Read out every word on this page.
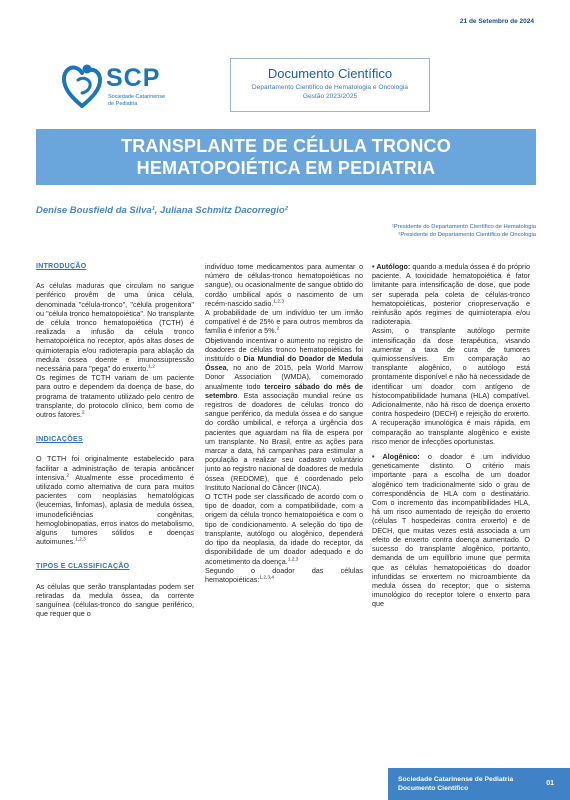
21 de Setembro de 2024
SCP
Sociedade Catarinense
de Pediatria
Documento Científico
Departamento Científico de Hematologia e Oncologia
Gestão 2023/2025
TRANSPLANTE DE CÉLULA TRONCO
HEMATOPOIÉTICA EM PEDIATRIA
Denise Bousfield da Silva¹, Juliana Schmitz Dacorregio²
¹Presidente do Departamento Científico de Hematologia
²Presidente do Departamento Científico de Oncologia
INTRODUÇÃO

As células maduras que circulam no sangue periférico provêm de uma única célula, denominada "célula-tronco", "célula progenitora" ou "célula tronco hematopoiética". No transplante de célula tronco hematopoiética (TCTH) é realizada a infusão da célula tronco hematopoiética no receptor, após altas doses de quimioterapia e/ou radioterapia para ablação da medula óssea doente e imunossupressão necessária para "pega" do enxerto.$^{1,2}$

Os regimes de TCTH variam de um paciente para outro e dependem da doença de base, do programa de tratamento utilizado pelo centro de transplante, do protocolo clínico, bem como de outros fatores.$^2$

INDICAÇÕES

O TCTH foi originalmente estabelecido para facilitar a administração de terapia anticâncer intensiva.$^2$ Atualmente esse procedimento é utilizado como alternativa de cura para muitos pacientes com neoplasias hematológicas (leucemias, linfomas), aplasia de medula óssea, imunodeficiências congênitas, hemoglobinopatias, erros inatos do metabolismo, alguns tumores sólidos e doenças autoimunes.$^{1,2,3}$

TIPOS E CLASSIFICAÇÃO

As células que serão transplantadas podem ser retiradas da medula óssea, da corrente sanguínea (células-tronco do sangue periférico, que requer que o

indivíduo tome medicamentos para aumentar o número de células-tronco hematopoiéticas no sangue), ou ocasionalmente de sangue obtido do cordão umbilical após o nascimento de um recém-nascido sadio.$^{1,2,3}$

A probabilidade de um indivíduo ter um irmão compatível é de 25% e para outros membros da família é inferior a 5%.$^2$

Objetivando incentivar o aumento no registro de doadores de células tronco hematopoiéticas foi instituído o Dia Mundial do Doador de Medula Óssea, no ano de 2015, pela World Marrow Donor Association (WMDA), comemorado anualmente todo terceiro sábado do mês de setembro. Esta associação mundial reúne os registros de doadores de células tronco do sangue periférico, da medula óssea e do sangue do cordão umbilical, e reforça a urgência dos pacientes que aguardam na fila de espera por um transplante. No Brasil, entre as ações para marcar a data, há campanhas para estimular a população a realizar seu cadastro voluntário junto ao registro nacional de doadores de medula óssea (REDOME), que é coordenado pelo Instituto Nacional do Câncer (INCA).

O TCTH pode ser classificado de acordo com o tipo de doador, com a compatibilidade, com a origem da célula tronco hematopoiética e com o tipo de condicionamento. A seleção do tipo de transplante, autólogo ou alogênico, dependerá do tipo da neoplasia, da idade do receptor, da disponibilidade de um doador adequado e do acometimento da doença.$^{1,2,3}$

Segundo o doador das células hematopoiéticas:$^{1,2,3,4}$

• Autólogo: quando a medula óssea é do próprio paciente. A toxicidade hematopoiética é fator limitante para intensificação de dose, que pode ser superada pela coleta de células-tronco hematopoiéticas, posterior criopreservação e reinfusão após regimes de quimioterapia e/ou radioterapia.

Assim, o transplante autólogo permite intensificação da dose terapêutica, visando aumentar a taxa de cura de tumores quimiossensíveis. Em comparação ao transplante alogênico, o autólogo está prontamente disponível e não há necessidade de identificar um doador com antígeno de histocompatibilidade humana (HLA) compatível. Adicionalmente, não há risco de doença enxerto contra hospedeiro (DECH) e rejeição do enxerto. A recuperação imunológica é mais rápida, em comparação ao transplante alogênico e existe risco menor de infecções oportunistas.

• Alogênico: o doador é um indivíduo geneticamente distinto. O critério mais importante para a escolha de um doador alogênico tem tradicionalmente sido o grau de correspondência de HLA com o destinatário. Com o incremento das incompatibilidades HLA, há um risco aumentado de rejeição do enxerto (células T hospedeiras contra enxerto) e de DECH, que muitas vezes está associada a um efeito de enxerto contra doença aumentado. O sucesso do transplante alogênico, portanto, demanda de um equilíbrio imune que permita que as células hematopoiéticas do doador infundidas se enxertem no microambiente da medula óssea do receptor; que o sistema imunológico do receptor tolere o enxerto para que

Sociedade Catarinense de Pediatria
Documento Científico
01
